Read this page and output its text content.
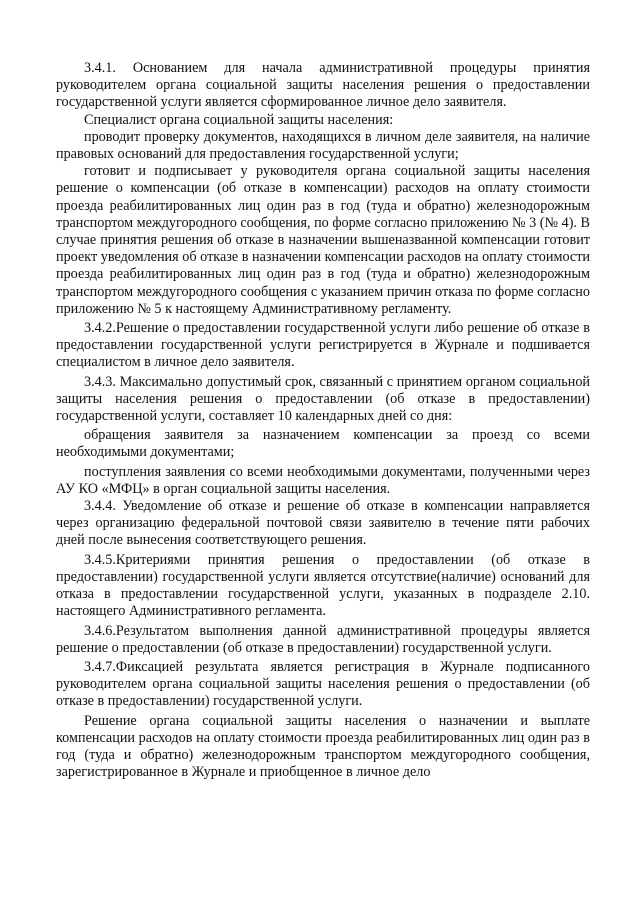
3.4.1. Основанием для начала административной процедуры принятия руководителем органа социальной защиты населения решения о предоставлении государственной услуги является сформированное личное дело заявителя.

Специалист органа социальной защиты населения:

проводит проверку документов, находящихся в личном деле заявителя, на наличие правовых оснований для предоставления государственной услуги;

готовит и подписывает у руководителя органа социальной защиты населения решение о компенсации (об отказе в компенсации) расходов на оплату стоимости проезда реабилитированных лиц один раз в год (туда и обратно) железнодорожным транспортом междугородного сообщения, по форме согласно приложению № 3 (№ 4). В случае принятия решения об отказе в назначении вышеназванной компенсации готовит проект уведомления об отказе в назначении компенсации расходов на оплату стоимости проезда реабилитированных лиц один раз в год (туда и обратно) железнодорожным транспортом междугородного сообщения с указанием причин отказа по форме согласно приложению № 5 к настоящему Административному регламенту.

3.4.2.Решение о предоставлении государственной услуги либо решение об отказе в предоставлении государственной услуги регистрируется в Журнале и подшивается специалистом в личное дело заявителя.

3.4.3. Максимально допустимый срок, связанный с принятием органом социальной защиты населения решения о предоставлении (об отказе в предоставлении) государственной услуги, составляет 10 календарных дней со дня:

обращения заявителя за назначением компенсации за проезд со всеми необходимыми документами;

поступления заявления со всеми необходимыми документами, полученными через АУ КО «МФЦ» в орган социальной защиты населения.

3.4.4. Уведомление об отказе и решение об отказе в компенсации направляется через организацию федеральной почтовой связи заявителю в течение пяти рабочих дней после вынесения соответствующего решения.

3.4.5.Критериями принятия решения о предоставлении (об отказе в предоставлении) государственной услуги является отсутствие(наличие) оснований для отказа в предоставлении государственной услуги, указанных в подразделе 2.10. настоящего Административного регламента.

3.4.6.Результатом выполнения данной административной процедуры является решение о предоставлении (об отказе в предоставлении) государственной услуги.

3.4.7.Фиксацией результата является регистрация в Журнале подписанного руководителем органа социальной защиты населения решения о предоставлении (об отказе в предоставлении) государственной услуги.

Решение органа социальной защиты населения о назначении и выплате компенсации расходов на оплату стоимости проезда реабилитированных лиц один раз в год (туда и обратно) железнодорожным транспортом междугородного сообщения, зарегистрированное в Журнале и приобщенное в личное дело
